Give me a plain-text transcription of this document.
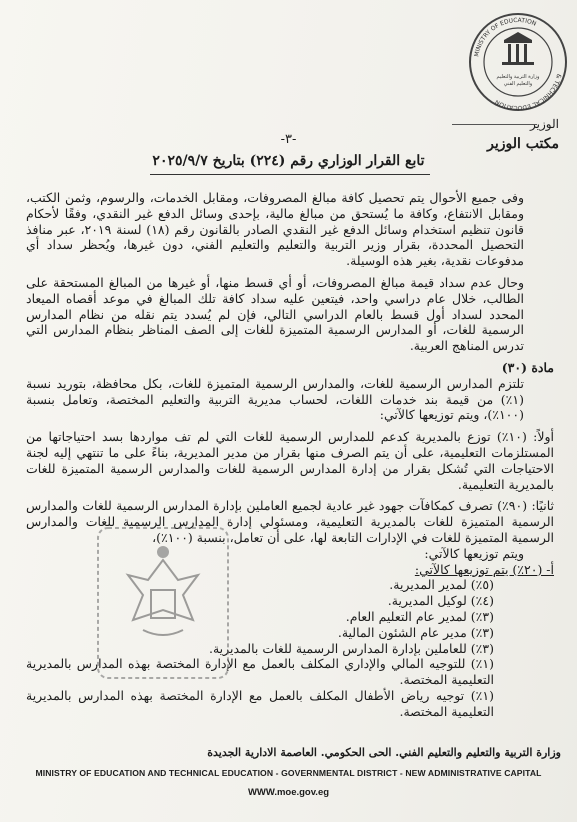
MINISTRY OF EDUCATION
& TECHNICAL EDUCATION
وزارة التربية والتعليم
والتعليم الفني
الوزير
مكتب الوزير
-٣-
تابع القرار الوزاري رقم (٢٢٤) بتاريخ ٢٠٢٥/٩/٧

وفى جميع الأحوال يتم تحصيل كافة مبالغ المصروفات، ومقابل الخدمات، والرسوم، وثمن الكتب، ومقابل الانتفاع، وكافة ما يُستحق من مبالغ مالية، بإحدى وسائل الدفع غير النقدي، وفقًا لأحكام قانون تنظيم استخدام وسائل الدفع غير النقدي الصادر بالقانون رقم (١٨) لسنة ٢٠١٩، عبر منافذ التحصيل المحددة، بقرار وزير التربية والتعليم والتعليم الفني، دون غيرها، ويُحظر سداد أي مدفوعات نقدية، بغير هذه الوسيلة.

وحال عدم سداد قيمة مبالغ المصروفات، أو أي قسط منها، أو غيرها من المبالغ المستحقة على الطالب، خلال عام دراسي واحد، فيتعين عليه سداد كافة تلك المبالغ في موعد أقصاه الميعاد المحدد لسداد أول قسط بالعام الدراسي التالي، فإن لم يُسدد يتم نقله من نظام المدارس الرسمية للغات، أو المدارس الرسمية المتميزة للغات إلى الصف المناظر بنظام المدارس التي تدرس المناهج العربية.

مادة (٣٠)

تلتزم المدارس الرسمية للغات، والمدارس الرسمية المتميزة للغات، بكل محافظة، بتوريد نسبة (١٪) من قيمة بند خدمات اللغات، لحساب مديرية التربية والتعليم المختصة، وتعامل بنسبة (١٠٠٪)، ويتم توزيعها كالآتي:

أولاً: (١٠٪) توزع بالمديرية كدعم للمدارس الرسمية للغات التي لم تف مواردها بسد احتياجاتها من المستلزمات التعليمية، على أن يتم الصرف منها بقرار من مدير المديرية، بناءً على ما تنتهي إليه لجنة الاحتياجات التي تُشكل بقرار من إدارة المدارس الرسمية للغات والمدارس الرسمية المتميزة للغات بالمديرية التعليمية.

ثانيًا: (٩٠٪) تصرف كمكافآت جهود غير عادية لجميع العاملين بإدارة المدارس الرسمية للغات والمدارس الرسمية المتميزة للغات بالمديرية التعليمية، ومسئولي إدارة المدارس الرسمية للغات والمدارس الرسمية المتميزة للغات في الإدارات التابعة لها، على أن تعامل، بنسبة (١٠٠٪)،

ويتم توزيعها كالآتي:

أ- (٢٠٪) يتم توزيعها كالآتي:

(٥٪) لمدير المديرية.
(٤٪) لوكيل المديرية.
(٣٪) لمدير عام التعليم العام.
(٣٪) مدير عام الشئون المالية.
(٣٪) للعاملين بإدارة المدارس الرسمية للغات بالمديرية.
(١٪) للتوجيه المالي والإداري المكلف بالعمل مع الإدارة المختصة بهذه المدارس بالمديرية التعليمية المختصة.
(١٪) توجيه رياض الأطفال المكلف بالعمل مع الإدارة المختصة بهذه المدارس بالمديرية التعليمية المختصة.
وزارة التربية والتعليم والتعليم الفني. الحى الحكومي. العاصمة الادارية الجديدة
MINISTRY OF EDUCATION AND TECHNICAL EDUCATION - GOVERNMENTAL DISTRICT - NEW ADMINISTRATIVE CAPITAL
WWW.moe.gov.eg
